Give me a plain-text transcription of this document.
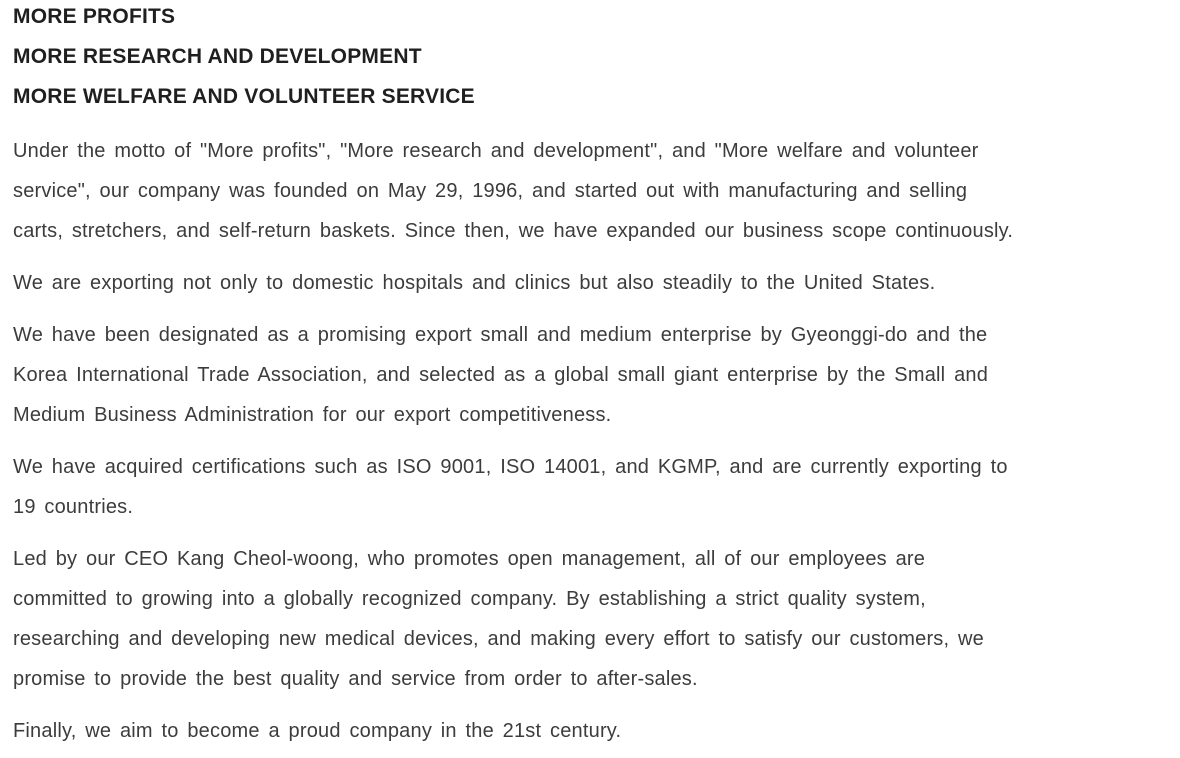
MORE PROFITS
MORE RESEARCH AND DEVELOPMENT
MORE WELFARE AND VOLUNTEER SERVICE
Under the motto of "More profits", "More research and development", and "More welfare and volunteer
service", our company was founded on May 29, 1996, and started out with manufacturing and selling
carts, stretchers, and self-return baskets. Since then, we have expanded our business scope continuously.
We are exporting not only to domestic hospitals and clinics but also steadily to the United States.
We have been designated as a promising export small and medium enterprise by Gyeonggi-do and the
Korea International Trade Association, and selected as a global small giant enterprise by the Small and
Medium Business Administration for our export competitiveness.
We have acquired certifications such as ISO 9001, ISO 14001, and KGMP, and are currently exporting to
19 countries.
Led by our CEO Kang Cheol-woong, who promotes open management, all of our employees are
committed to growing into a globally recognized company. By establishing a strict quality system,
researching and developing new medical devices, and making every effort to satisfy our customers, we
promise to provide the best quality and service from order to after-sales.
Finally, we aim to become a proud company in the 21st century.
